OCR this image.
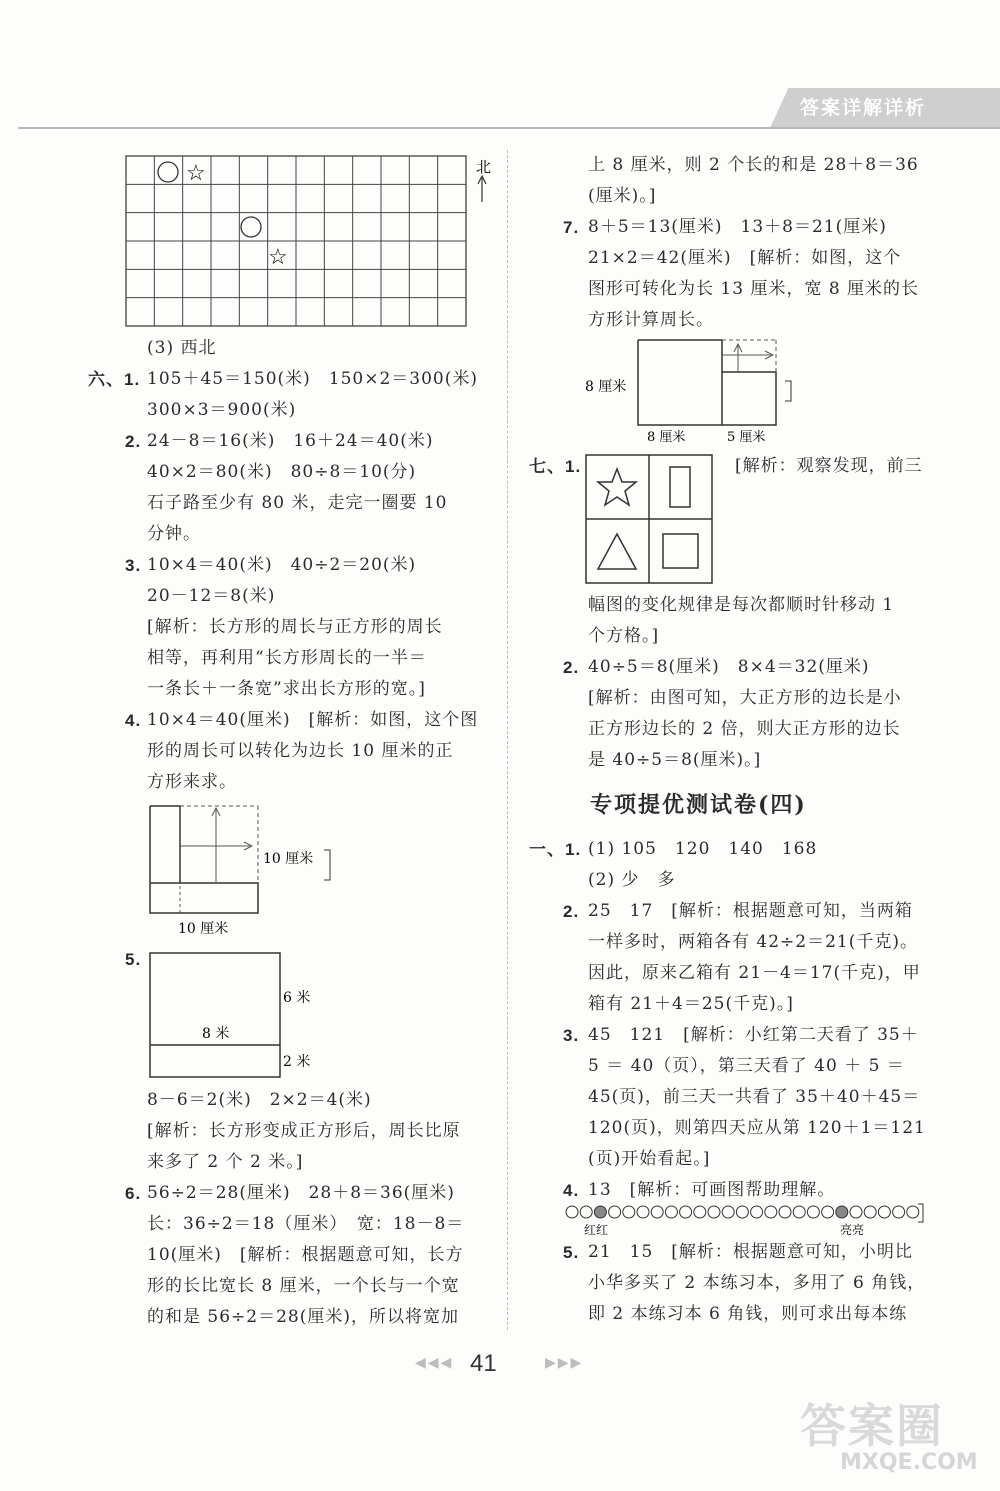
答案详解详析
☆
☆
北
(3) 西北
六、1. 105＋45＝150(米)　150×2＝300(米)
300×3＝900(米)
2. 24－8＝16(米)　16＋24＝40(米)
40×2＝80(米)　80÷8＝10(分)
石子路至少有 80 米，走完一圈要 10
分钟。
3. 10×4＝40(米)　40÷2＝20(米)
20－12＝8(米)
[解析：长方形的周长与正方形的周长
相等，再利用“长方形周长的一半＝
一条长＋一条宽”求出长方形的宽。]
4. 10×4＝40(厘米)　[解析：如图，这个图
形的周长可以转化为边长 10 厘米的正
方形来求。
10 厘米
10 厘米
5.
8 米
6 米
2 米
8－6＝2(米)　2×2＝4(米)
[解析：长方形变成正方形后，周长比原
来多了 2 个 2 米。]
6. 56÷2＝28(厘米)　28＋8＝36(厘米)
长：36÷2＝18（厘米）　宽：18－8＝
10(厘米)　[解析：根据题意可知，长方
形的长比宽长 8 厘米，一个长与一个宽
的和是 56÷2＝28(厘米)，所以将宽加
上 8 厘米，则 2 个长的和是 28＋8＝36
(厘米)。]
7. 8＋5＝13(厘米)　13＋8＝21(厘米)
21×2＝42(厘米)　[解析：如图，这个
图形可转化为长 13 厘米，宽 8 厘米的长
方形计算周长。
8 厘米
8 厘米	5 厘米
七、1.	[解析：观察发现，前三
幅图的变化规律是每次都顺时针移动 1
个方格。]
2. 40÷5＝8(厘米)　8×4＝32(厘米)
[解析：由图可知，大正方形的边长是小
正方形边长的 2 倍，则大正方形的边长
是 40÷5＝8(厘米)。]
专项提优测试卷(四)
一、1. (1) 105　120　140　168
(2) 少　多
2. 25　17　[解析：根据题意可知，当两箱
一样多时，两箱各有 42÷2＝21(千克)。
因此，原来乙箱有 21－4＝17(千克)，甲
箱有 21＋4＝25(千克)。]
3. 45　121　[解析：小红第二天看了 35＋
5 ＝ 40（页），第三天看了 40 ＋ 5 ＝
45(页)，前三天一共看了 35＋40＋45＝
120(页)，则第四天应从第 120＋1＝121
(页)开始看起。]
4. 13　[解析：可画图帮助理解。
红红	亮亮
5. 21　15　[解析：根据题意可知，小明比
小华多买了 2 本练习本，多用了 6 角钱，
即 2 本练习本 6 角钱，则可求出每本练
◀◀◀ 41	▶▶▶
答案圈
MXQE.COM
